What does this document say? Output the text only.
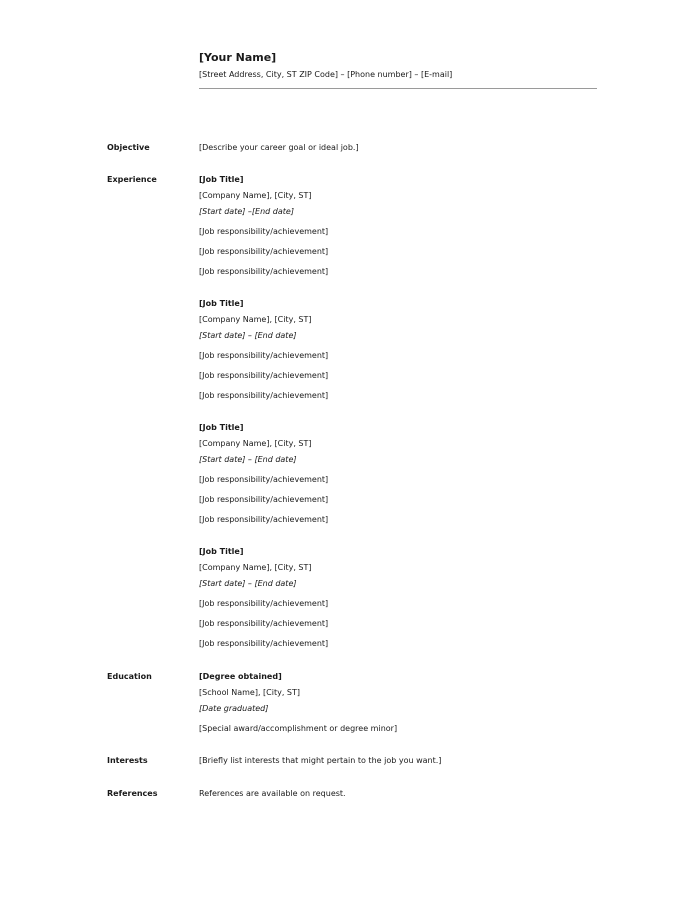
[Your Name]

[Street Address, City, ST ZIP Code] – [Phone number] – [E-mail]

Objective	[Describe your career goal or ideal job.]

Experience	[Job Title]

[Company Name], [City, ST]

[Start date] –[End date]

[Job responsibility/achievement]

[Job responsibility/achievement]

[Job responsibility/achievement]

[Job Title]

[Company Name], [City, ST]

[Start date] – [End date]

[Job responsibility/achievement]

[Job responsibility/achievement]

[Job responsibility/achievement]

[Job Title]

[Company Name], [City, ST]

[Start date] – [End date]

[Job responsibility/achievement]

[Job responsibility/achievement]

[Job responsibility/achievement]

[Job Title]

[Company Name], [City, ST]

[Start date] – [End date]

[Job responsibility/achievement]

[Job responsibility/achievement]

[Job responsibility/achievement]

Education	[Degree obtained]

[School Name], [City, ST]

[Date graduated]

[Special award/accomplishment or degree minor]

Interests	[Briefly list interests that might pertain to the job you want.]

References	References are available on request.
